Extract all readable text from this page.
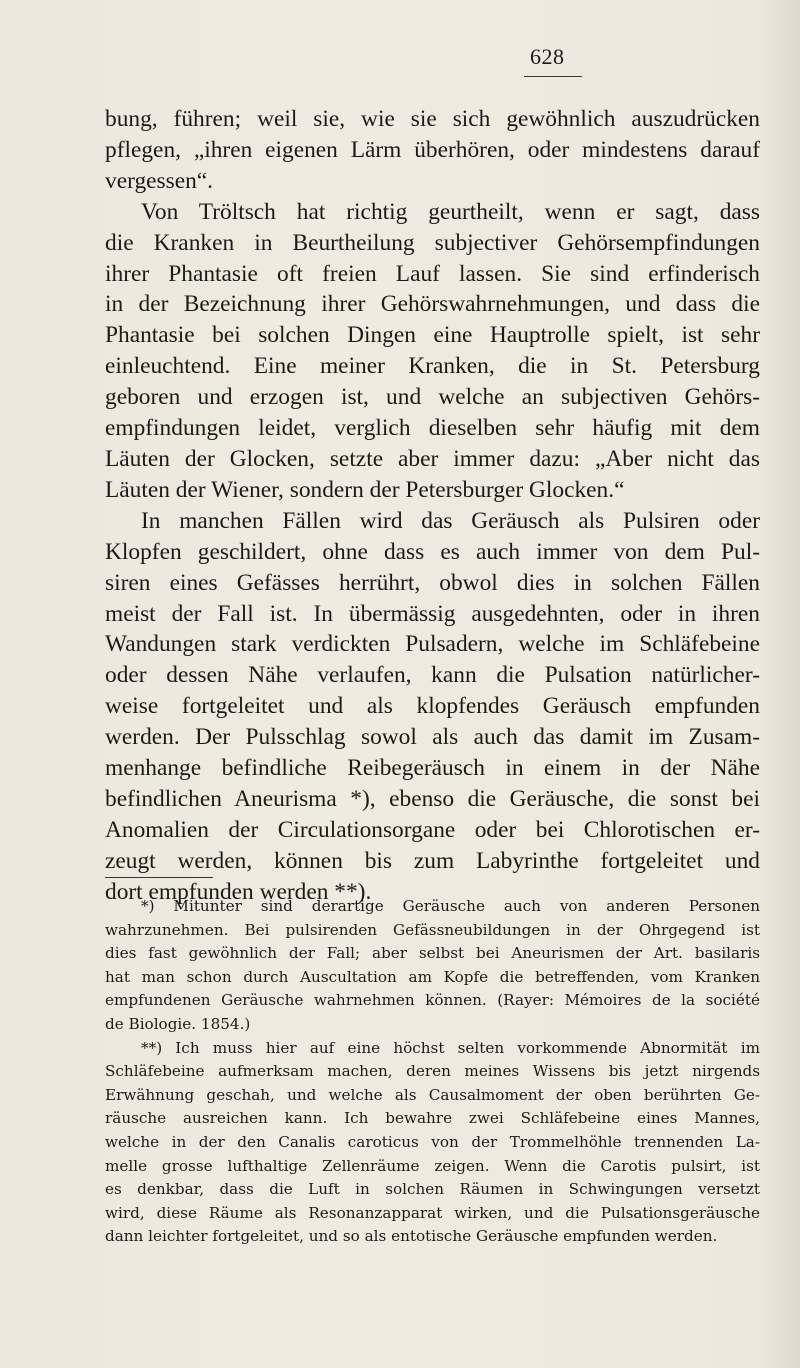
628
bung, führen; weil sie, wie sie sich gewöhnlich auszudrücken
pflegen, „ihren eigenen Lärm überhören, oder mindestens darauf
vergessen“.
Von Tröltsch hat richtig geurtheilt, wenn er sagt, dass
die Kranken in Beurtheilung subjectiver Gehörsempfindungen
ihrer Phantasie oft freien Lauf lassen. Sie sind erfinderisch
in der Bezeichnung ihrer Gehörswahrnehmungen, und dass die
Phantasie bei solchen Dingen eine Hauptrolle spielt, ist sehr
einleuchtend. Eine meiner Kranken, die in St. Petersburg
geboren und erzogen ist, und welche an subjectiven Gehörs-
empfindungen leidet, verglich dieselben sehr häufig mit dem
Läuten der Glocken, setzte aber immer dazu: „Aber nicht das
Läuten der Wiener, sondern der Petersburger Glocken.“
In manchen Fällen wird das Geräusch als Pulsiren oder
Klopfen geschildert, ohne dass es auch immer von dem Pul-
siren eines Gefässes herrührt, obwol dies in solchen Fällen
meist der Fall ist. In übermässig ausgedehnten, oder in ihren
Wandungen stark verdickten Pulsadern, welche im Schläfebeine
oder dessen Nähe verlaufen, kann die Pulsation natürlicher-
weise fortgeleitet und als klopfendes Geräusch empfunden
werden. Der Pulsschlag sowol als auch das damit im Zusam-
menhange befindliche Reibegeräusch in einem in der Nähe
befindlichen Aneurisma *), ebenso die Geräusche, die sonst bei
Anomalien der Circulationsorgane oder bei Chlorotischen er-
zeugt werden, können bis zum Labyrinthe fortgeleitet und
dort empfunden werden **).
*) Mitunter sind derartige Geräusche auch von anderen Personen
wahrzunehmen. Bei pulsirenden Gefässneubildungen in der Ohrgegend ist
dies fast gewöhnlich der Fall; aber selbst bei Aneurismen der Art. basilaris
hat man schon durch Auscultation am Kopfe die betreffenden, vom Kranken
empfundenen Geräusche wahrnehmen können. (Rayer: Mémoires de la société
de Biologie. 1854.)
**) Ich muss hier auf eine höchst selten vorkommende Abnormität im
Schläfebeine aufmerksam machen, deren meines Wissens bis jetzt nirgends
Erwähnung geschah, und welche als Causalmoment der oben berührten Ge-
räusche ausreichen kann. Ich bewahre zwei Schläfebeine eines Mannes,
welche in der den Canalis caroticus von der Trommelhöhle trennenden La-
melle grosse lufthaltige Zellenräume zeigen. Wenn die Carotis pulsirt, ist
es denkbar, dass die Luft in solchen Räumen in Schwingungen versetzt
wird, diese Räume als Resonanzapparat wirken, und die Pulsationsgeräusche
dann leichter fortgeleitet, und so als entotische Geräusche empfunden werden.
